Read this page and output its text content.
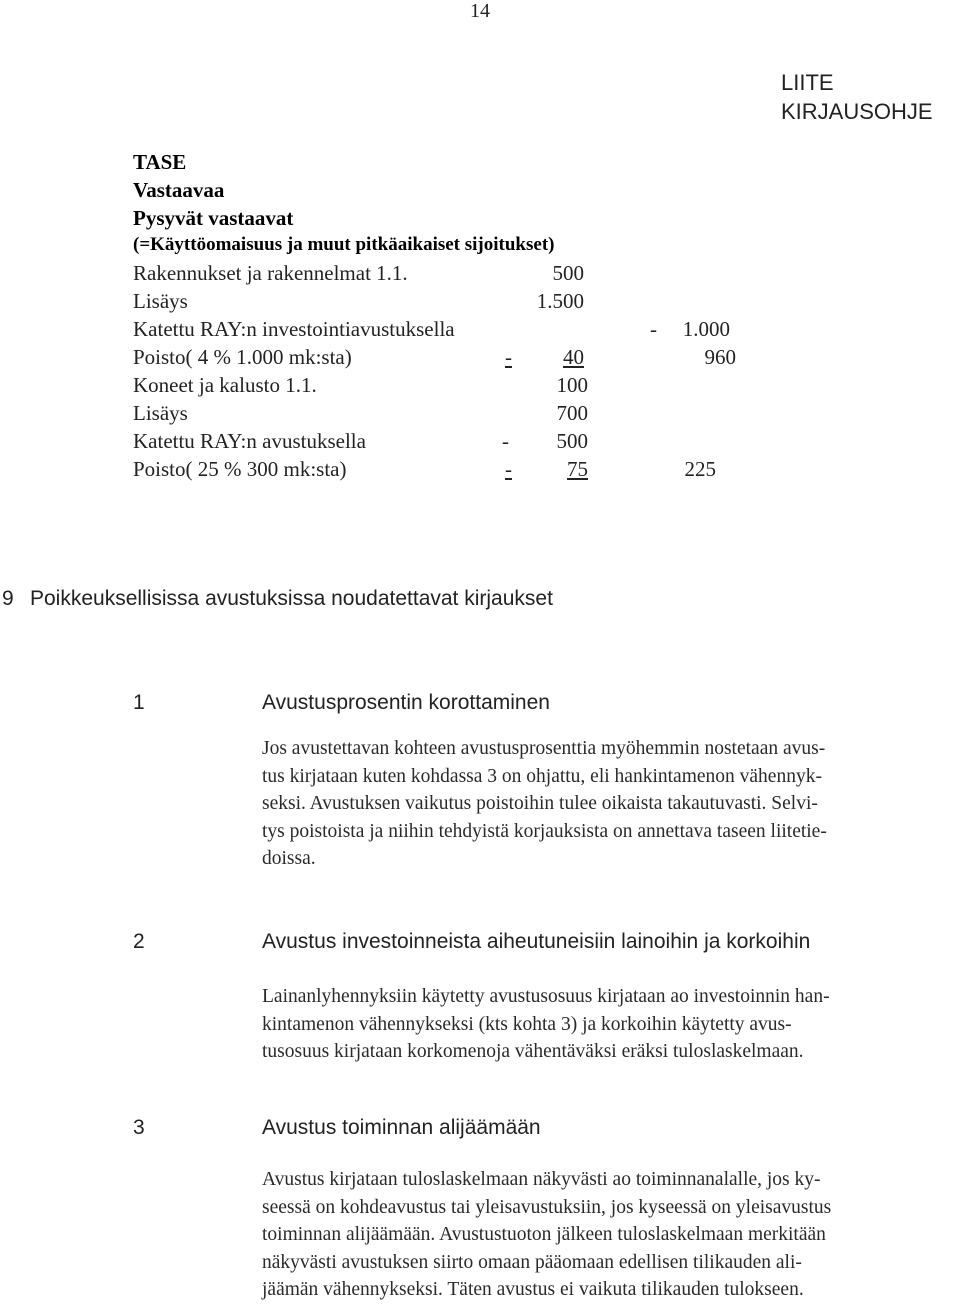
14
LIITE
KIRJAUSOHJE
TASE
Vastaavaa
Pysyvät vastaavat
(=Käyttöomaisuus ja muut pitkäaikaiset sijoitukset)
Rakennukset ja rakennelmat 1.1.	500
Lisäys	1.500
Katettu RAY:n investointiavustuksella	-	1.000
Poisto( 4 % 1.000 mk:sta)	-	40	960
Koneet ja kalusto 1.1.	100
Lisäys	700
Katettu RAY:n avustuksella	-	500
Poisto( 25 % 300 mk:sta)	-	75	225
9 Poikkeuksellisissa avustuksissa noudatettavat kirjaukset
1	Avustusprosentin korottaminen
Jos avustettavan kohteen avustusprosenttia myöhemmin nostetaan avus-
tus kirjataan kuten kohdassa 3 on ohjattu, eli hankintamenon vähennyk-
seksi. Avustuksen vaikutus poistoihin tulee oikaista takautuvasti. Selvi-
tys poistoista ja niihin tehdyistä korjauksista on annettava taseen liitetie-
doissa.
2	Avustus investoinneista aiheutuneisiin lainoihin ja korkoihin
Lainanlyhennyksiin käytetty avustusosuus kirjataan ao investoinnin han-
kintamenon vähennykseksi (kts kohta 3) ja korkoihin käytetty avus-
tusosuus kirjataan korkomenoja vähentäväksi eräksi tuloslaskelmaan.
3	Avustus toiminnan alijäämään
Avustus kirjataan tuloslaskelmaan näkyvästi ao toiminnanalalle, jos ky-
seessä on kohdeavustus tai yleisavustuksiin, jos kyseessä on yleisavustus
toiminnan alijäämään. Avustustuoton jälkeen tuloslaskelmaan merkitään
näkyvästi avustuksen siirto omaan pääomaan edellisen tilikauden ali-
jäämän vähennykseksi. Täten avustus ei vaikuta tilikauden tulokseen.
